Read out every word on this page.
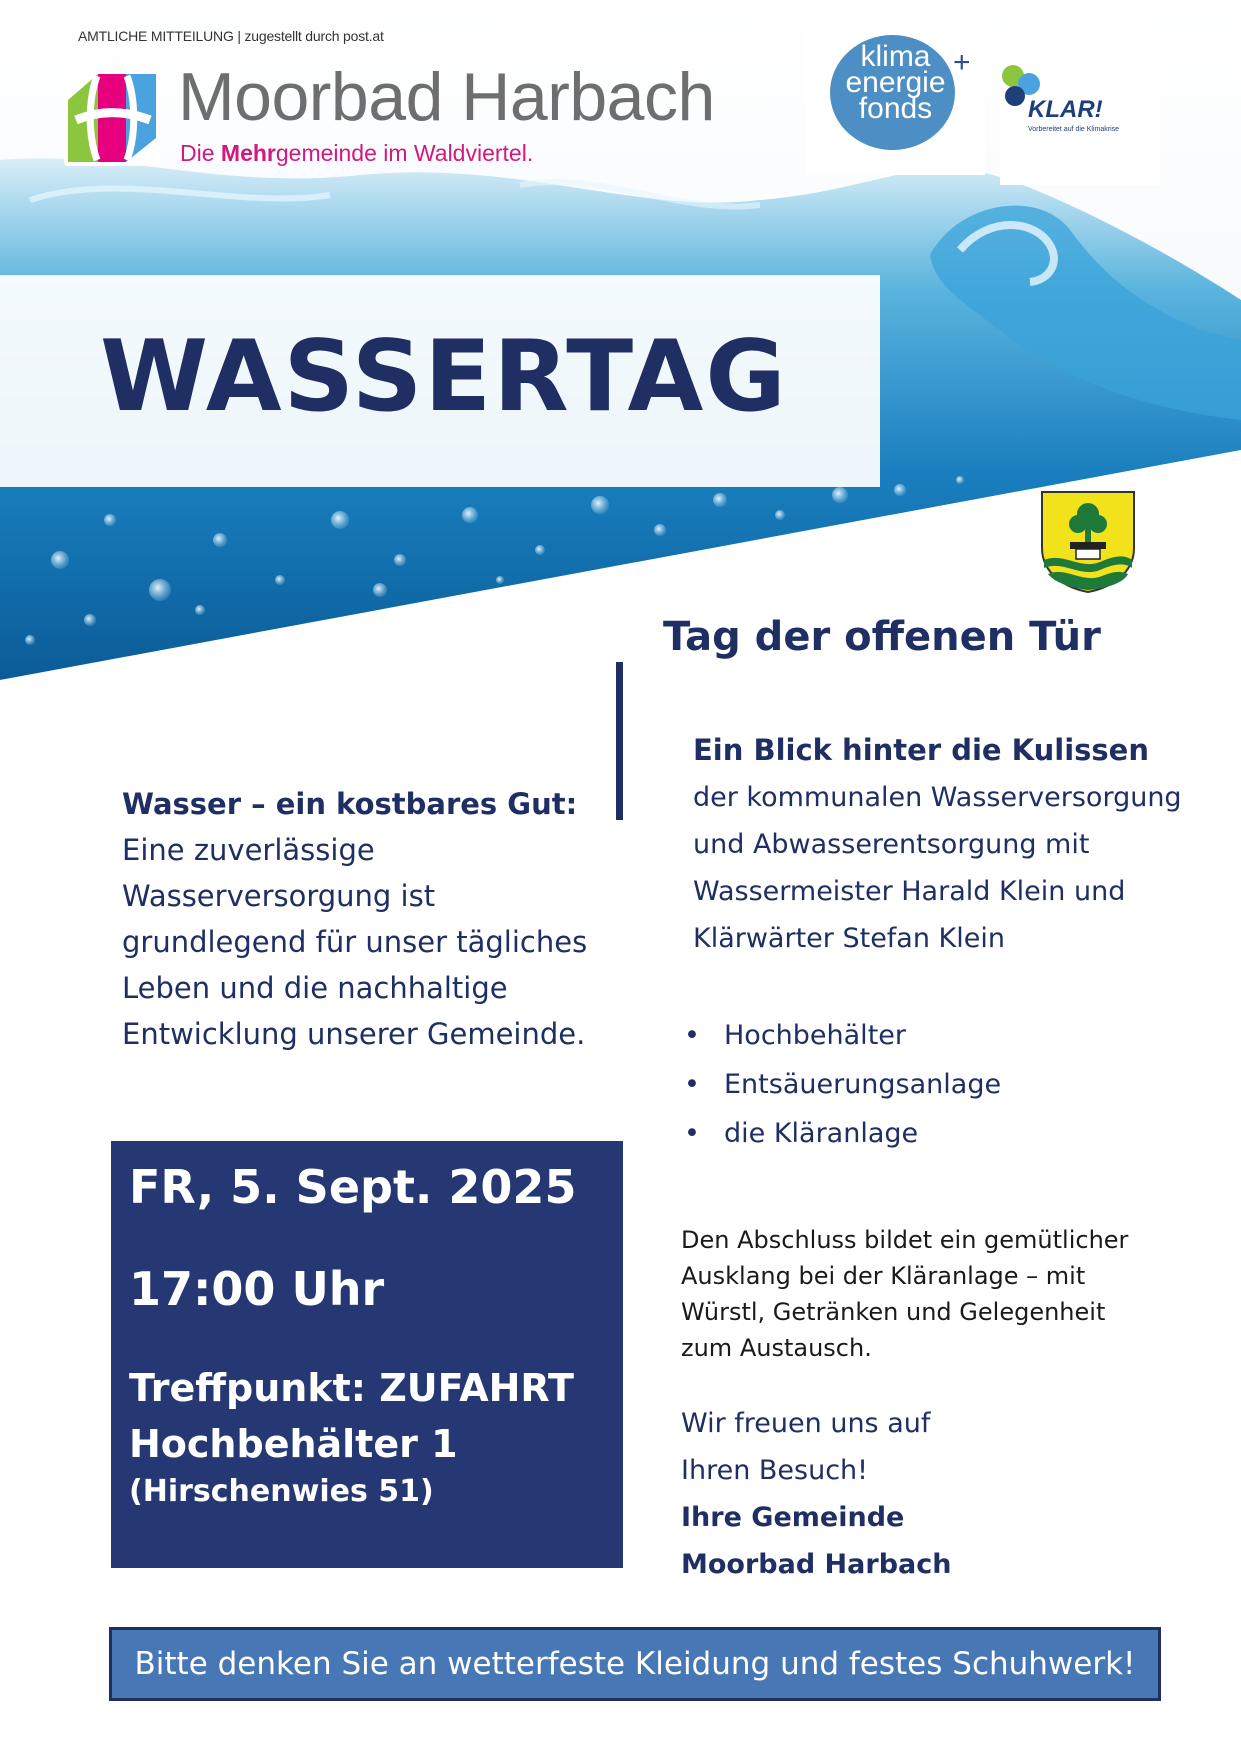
AMTLICHE MITTEILUNG | zugestellt durch post.at
Moorbad Harbach
Die Mehrgemeinde im Waldviertel.
klima
energie
fonds
+
KLAR!
Vorbereitet auf die Klimakrise
WASSERTAG
Tag der offenen Tür
Ein Blick hinter die Kulissen
der kommunalen Wasserversorgung
und Abwasserentsorgung mit
Wassermeister Harald Klein und
Klärwärter Stefan Klein
• Hochbehälter
• Entsäuerungsanlage
• die Kläranlage
Den Abschluss bildet ein gemütlicher
Ausklang bei der Kläranlage – mit
Würstl, Getränken und Gelegenheit
zum Austausch.
Wir freuen uns auf
Ihren Besuch!
Ihre Gemeinde
Moorbad Harbach
Wasser – ein kostbares Gut:
Eine zuverlässige
Wasserversorgung ist
grundlegend für unser tägliches
Leben und die nachhaltige
Entwicklung unserer Gemeinde.
FR, 5. Sept. 2025
17:00 Uhr
Treffpunkt: ZUFAHRT
Hochbehälter 1
(Hirschenwies 51)
Bitte denken Sie an wetterfeste Kleidung und festes Schuhwerk!
